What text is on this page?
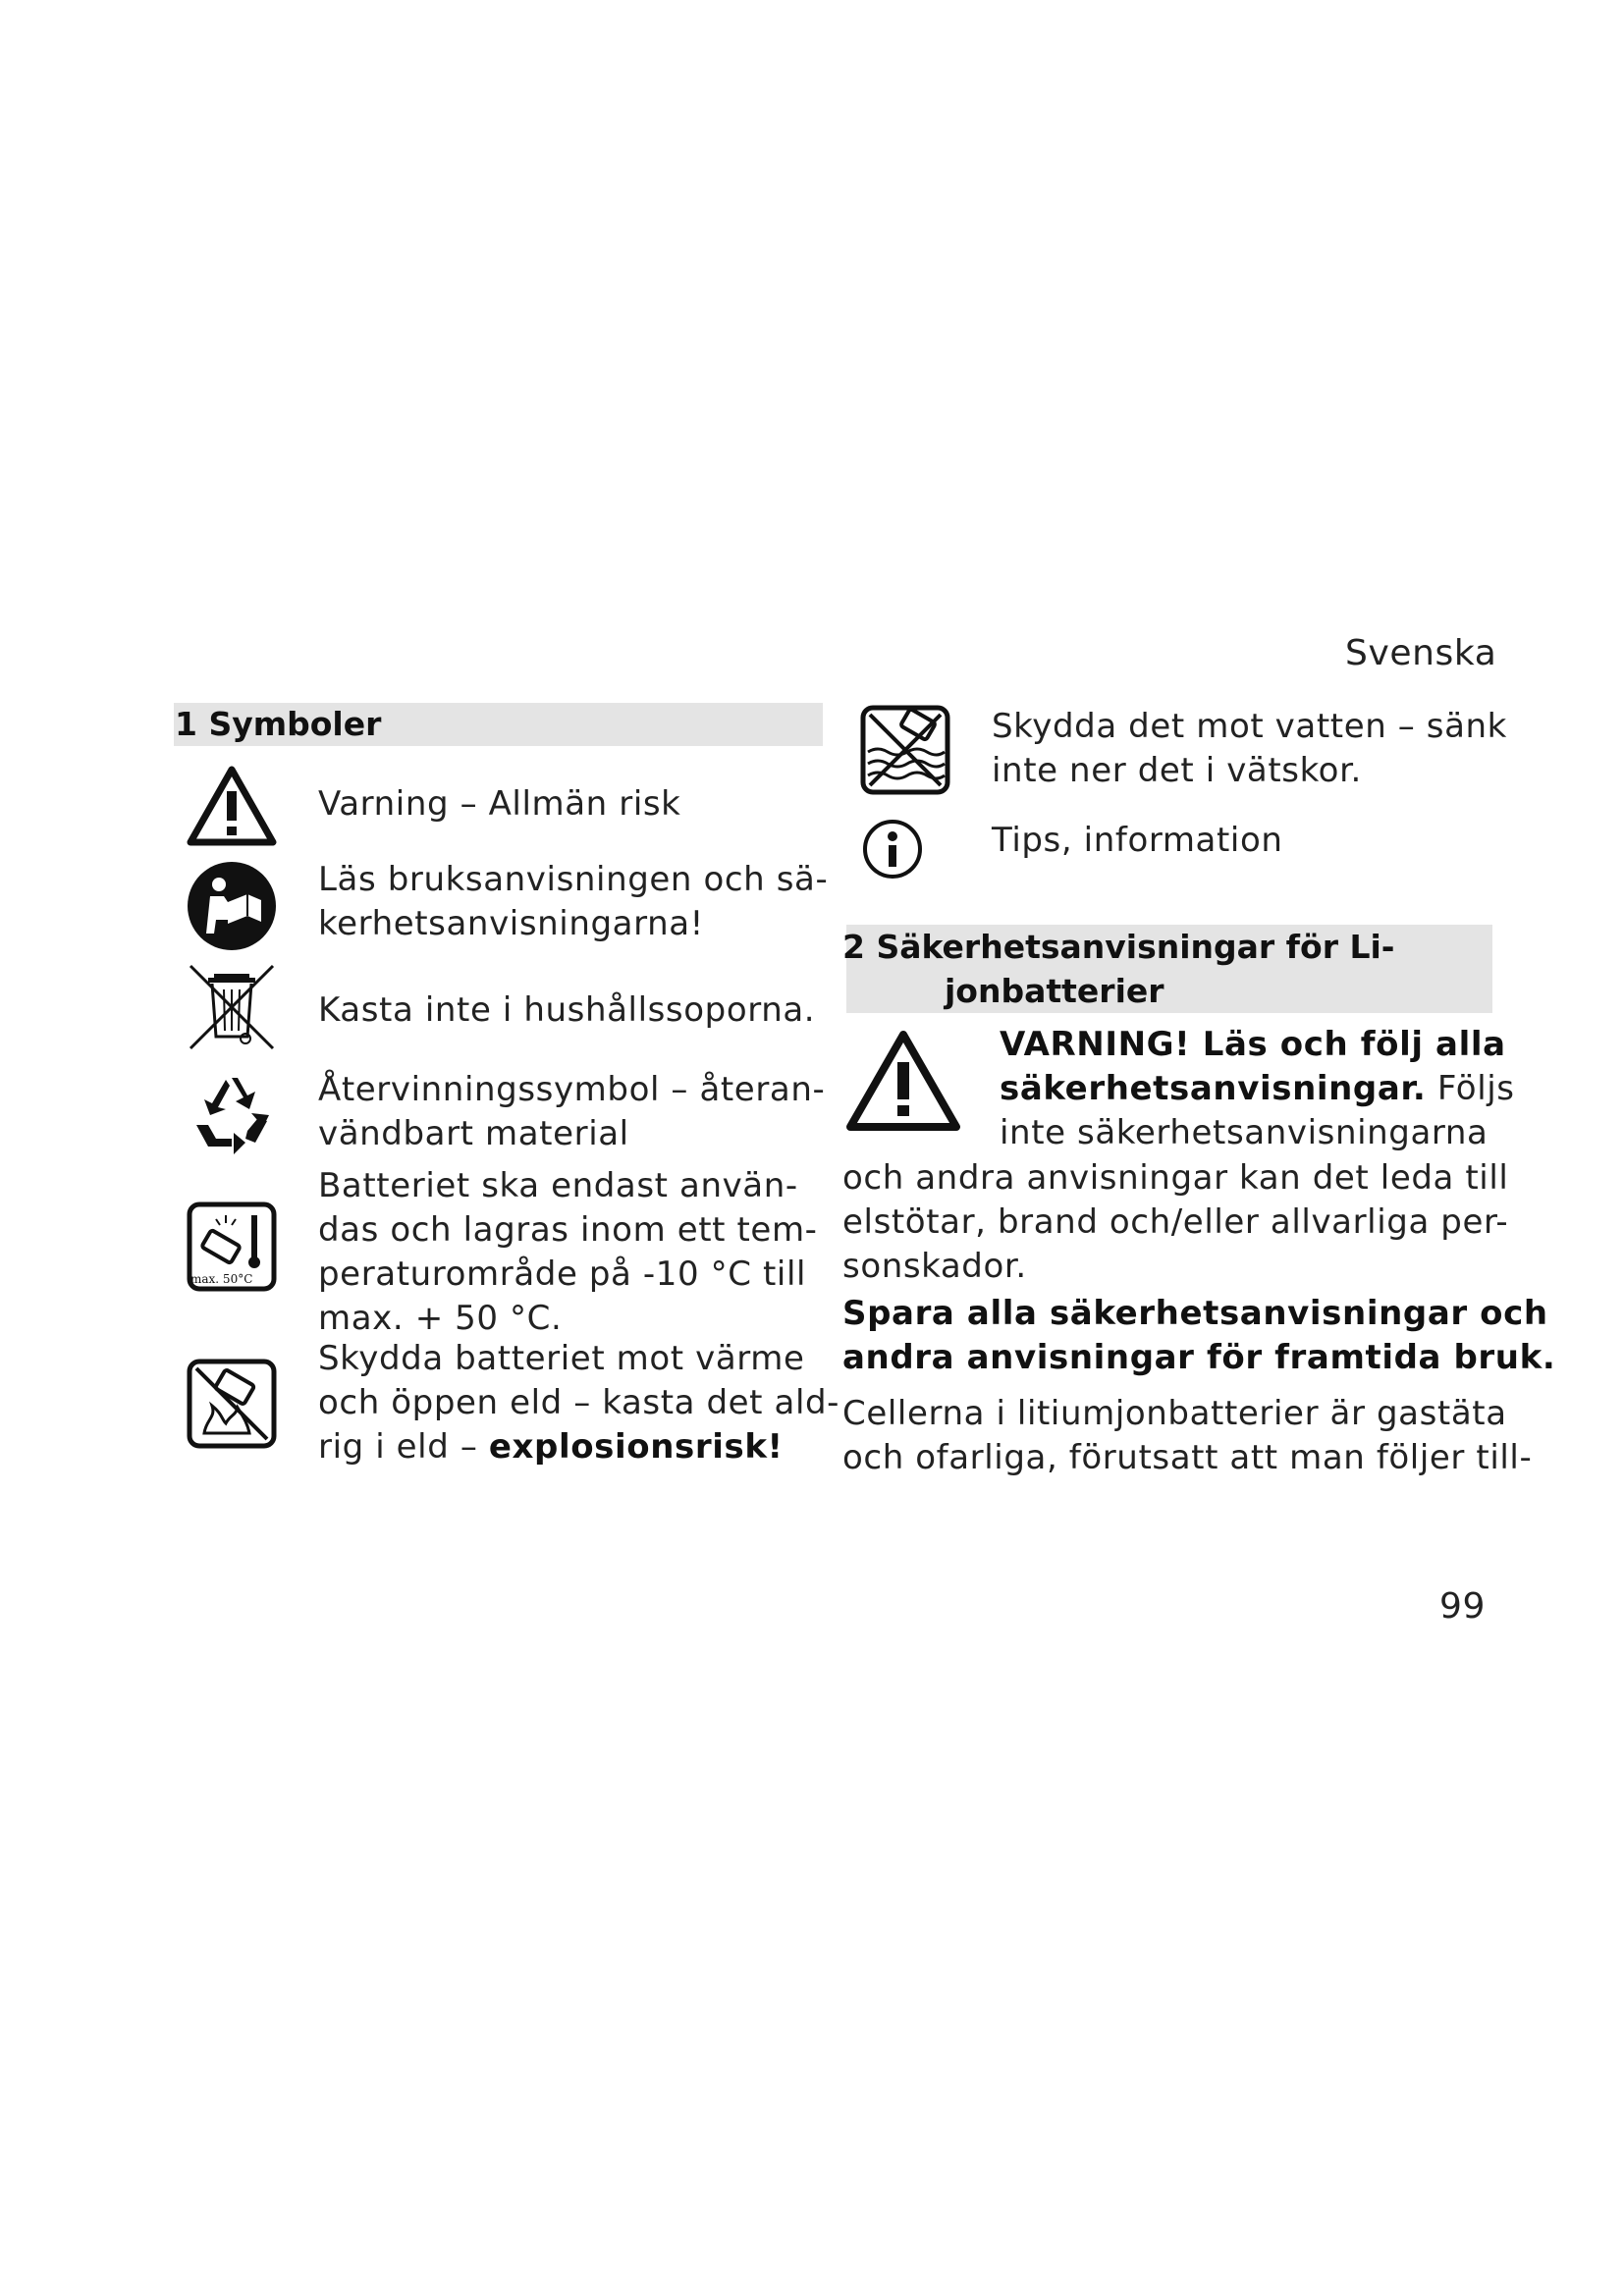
Svenska
1 Symboler
Varning – Allmän risk
Läs bruksanvisningen och sä-
kerhetsanvisningarna!
Kasta inte i hushållssoporna.
Återvinningssymbol – återan-
vändbart material
max. 50°C
Batteriet ska endast använ-
das och lagras inom ett tem-
peraturområde på -10 °C till
max. + 50 °C.
Skydda batteriet mot värme
och öppen eld – kasta det ald-
rig i eld – explosionsrisk!
Skydda det mot vatten – sänk
inte ner det i vätskor.
Tips, information
2 Säkerhetsanvisningar för Li-
jonbatterier
VARNING! Läs och följ alla
säkerhetsanvisningar. Följs
inte säkerhetsanvisningarna
och andra anvisningar kan det leda till
elstötar, brand och/eller allvarliga per-
sonskador.
Spara alla säkerhetsanvisningar och
andra anvisningar för framtida bruk.
Cellerna i litiumjonbatterier är gastäta
och ofarliga, förutsatt att man följer till-
99
